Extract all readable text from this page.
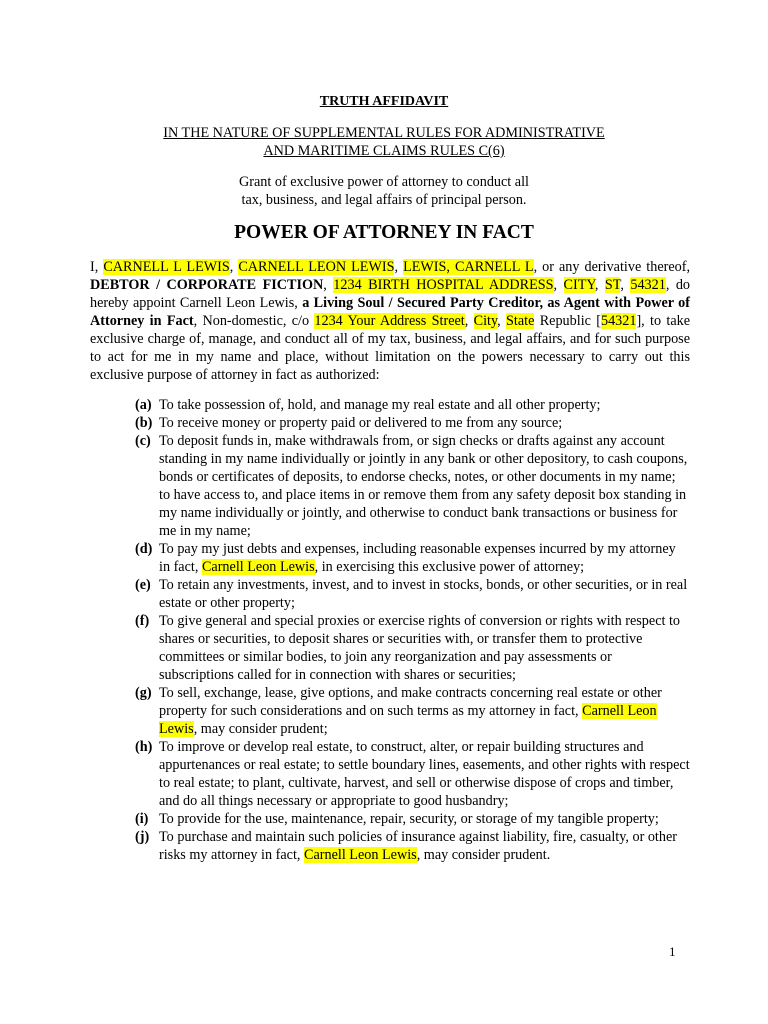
TRUTH AFFIDAVIT
IN THE NATURE OF SUPPLEMENTAL RULES FOR ADMINISTRATIVE
AND MARITIME CLAIMS RULES C(6)
Grant of exclusive power of attorney to conduct all
tax, business, and legal affairs of principal person.
POWER OF ATTORNEY IN FACT
I, CARNELL L LEWIS, CARNELL LEON LEWIS, LEWIS, CARNELL L, or any derivative thereof, DEBTOR / CORPORATE FICTION, 1234 BIRTH HOSPITAL ADDRESS, CITY, ST, 54321, do hereby appoint Carnell Leon Lewis, a Living Soul / Secured Party Creditor, as Agent with Power of Attorney in Fact, Non-domestic, c/o 1234 Your Address Street, City, State Republic [54321], to take exclusive charge of, manage, and conduct all of my tax, business, and legal affairs, and for such purpose to act for me in my name and place, without limitation on the powers necessary to carry out this exclusive purpose of attorney in fact as authorized:
(a) To take possession of, hold, and manage my real estate and all other property;
(b) To receive money or property paid or delivered to me from any source;
(c) To deposit funds in, make withdrawals from, or sign checks or drafts against any account standing in my name individually or jointly in any bank or other depository, to cash coupons, bonds or certificates of deposits, to endorse checks, notes, or other documents in my name; to have access to, and place items in or remove them from any safety deposit box standing in my name individually or jointly, and otherwise to conduct bank transactions or business for me in my name;
(d) To pay my just debts and expenses, including reasonable expenses incurred by my attorney in fact, Carnell Leon Lewis, in exercising this exclusive power of attorney;
(e) To retain any investments, invest, and to invest in stocks, bonds, or other securities, or in real estate or other property;
(f) To give general and special proxies or exercise rights of conversion or rights with respect to shares or securities, to deposit shares or securities with, or transfer them to protective committees or similar bodies, to join any reorganization and pay assessments or subscriptions called for in connection with shares or securities;
(g) To sell, exchange, lease, give options, and make contracts concerning real estate or other property for such considerations and on such terms as my attorney in fact, Carnell Leon Lewis, may consider prudent;
(h) To improve or develop real estate, to construct, alter, or repair building structures and appurtenances or real estate; to settle boundary lines, easements, and other rights with respect to real estate; to plant, cultivate, harvest, and sell or otherwise dispose of crops and timber, and do all things necessary or appropriate to good husbandry;
(i) To provide for the use, maintenance, repair, security, or storage of my tangible property;
(j) To purchase and maintain such policies of insurance against liability, fire, casualty, or other risks my attorney in fact, Carnell Leon Lewis, may consider prudent.
1
